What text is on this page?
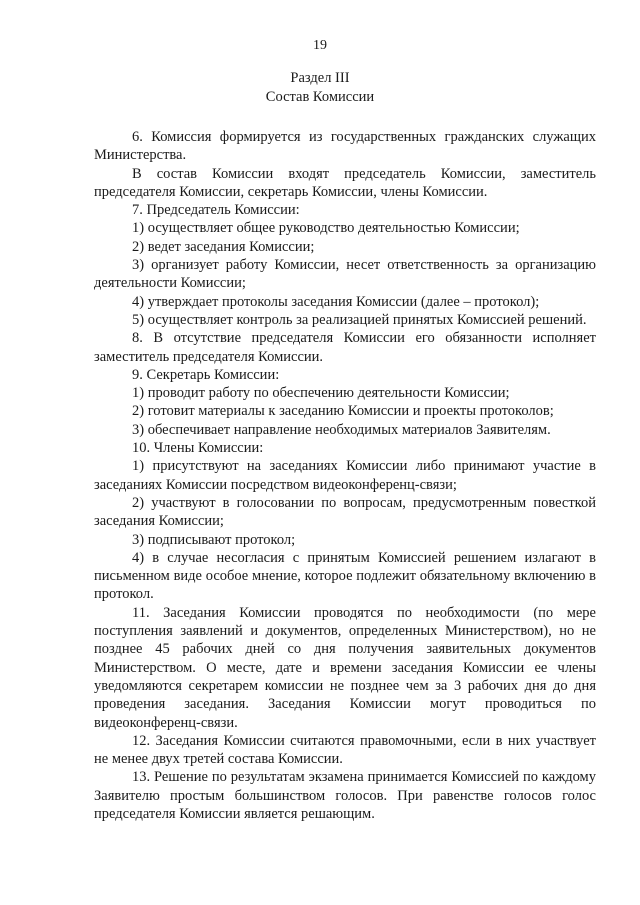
19
Раздел III
Состав Комиссии

6. Комиссия формируется из государственных гражданских служащих Министерства.

В состав Комиссии входят председатель Комиссии, заместитель председателя Комиссии, секретарь Комиссии, члены Комиссии.

7. Председатель Комиссии:

1) осуществляет общее руководство деятельностью Комиссии;

2) ведет заседания Комиссии;

3) организует работу Комиссии, несет ответственность за организацию деятельности Комиссии;

4) утверждает протоколы заседания Комиссии (далее – протокол);

5) осуществляет контроль за реализацией принятых Комиссией решений.

8. В отсутствие председателя Комиссии его обязанности исполняет заместитель председателя Комиссии.

9. Секретарь Комиссии:

1) проводит работу по обеспечению деятельности Комиссии;

2) готовит материалы к заседанию Комиссии и проекты протоколов;

3) обеспечивает направление необходимых материалов Заявителям.

10. Члены Комиссии:

1) присутствуют на заседаниях Комиссии либо принимают участие в заседаниях Комиссии посредством видеоконференц-связи;

2) участвуют в голосовании по вопросам, предусмотренным повесткой заседания Комиссии;

3) подписывают протокол;

4) в случае несогласия с принятым Комиссией решением излагают в письменном виде особое мнение, которое подлежит обязательному включению в протокол.

11. Заседания Комиссии проводятся по необходимости (по мере поступления заявлений и документов, определенных Министерством), но не позднее 45 рабочих дней со дня получения заявительных документов Министерством. О месте, дате и времени заседания Комиссии ее члены уведомляются секретарем комиссии не позднее чем за 3 рабочих дня до дня проведения заседания. Заседания Комиссии могут проводиться по видеоконференц-связи.

12. Заседания Комиссии считаются правомочными, если в них участвует не менее двух третей состава Комиссии.

13. Решение по результатам экзамена принимается Комиссией по каждому Заявителю простым большинством голосов. При равенстве голосов голос председателя Комиссии является решающим.
